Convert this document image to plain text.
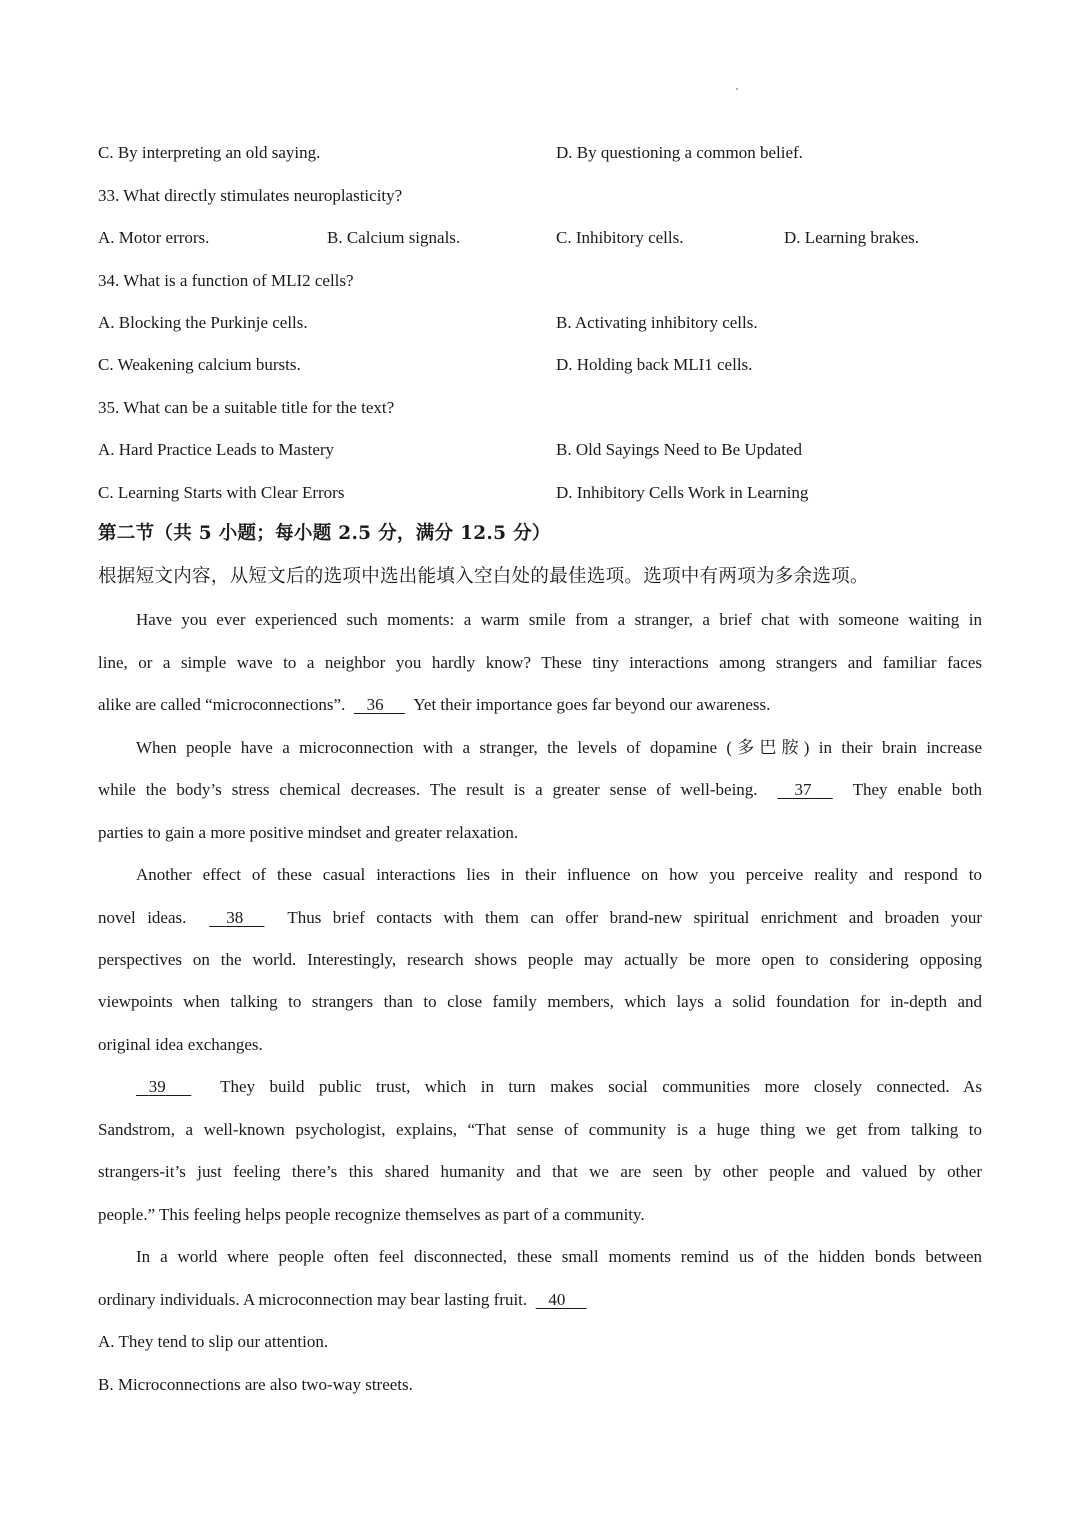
C. By interpreting an old saying.	D. By questioning a common belief.
33. What directly stimulates neuroplasticity?
A. Motor errors.	B. Calcium signals.	C. Inhibitory cells.	D. Learning brakes.
34. What is a function of MLI2 cells?
A. Blocking the Purkinje cells.	B. Activating inhibitory cells.
C. Weakening calcium bursts.	D. Holding back MLI1 cells.
35. What can be a suitable title for the text?
A. Hard Practice Leads to Mastery	B. Old Sayings Need to Be Updated
C. Learning Starts with Clear Errors	D. Inhibitory Cells Work in Learning
第二节（共 5 小题；每小题 2.5 分，满分 12.5 分）
根据短文内容，从短文后的选项中选出能填入空白处的最佳选项。选项中有两项为多余选项。
Have you ever experienced such moments: a warm smile from a stranger, a brief chat with someone waiting in
line, or a simple wave to a neighbor you hardly know? These tiny interactions among strangers and familiar faces
alike are called “microconnections”. 36 Yet their importance goes far beyond our awareness.
When people have a microconnection with a stranger, the levels of dopamine (多巴胺) in their brain increase
while the body’s stress chemical decreases. The result is a greater sense of well-being. 37 They enable both
parties to gain a more positive mindset and greater relaxation.
Another effect of these casual interactions lies in their influence on how you perceive reality and respond to
novel ideas. 38	Thus brief contacts with them can offer brand-new spiritual enrichment and broaden your
perspectives on the world. Interestingly, research shows people may actually be more open to considering opposing
viewpoints when talking to strangers than to close family members, which lays a solid foundation for in-depth and
original idea exchanges.
39	They build public trust, which in turn makes social communities more closely connected. As
Sandstrom, a well-known psychologist, explains, “That sense of community is a huge thing we get from talking to
strangers-it’s just feeling there’s this shared humanity and that we are seen by other people and valued by other
people.” This feeling helps people recognize themselves as part of a community.
In a world where people often feel disconnected, these small moments remind us of the hidden bonds between
ordinary individuals. A microconnection may bear lasting fruit. 40
A. They tend to slip our attention.
B. Microconnections are also two-way streets.
